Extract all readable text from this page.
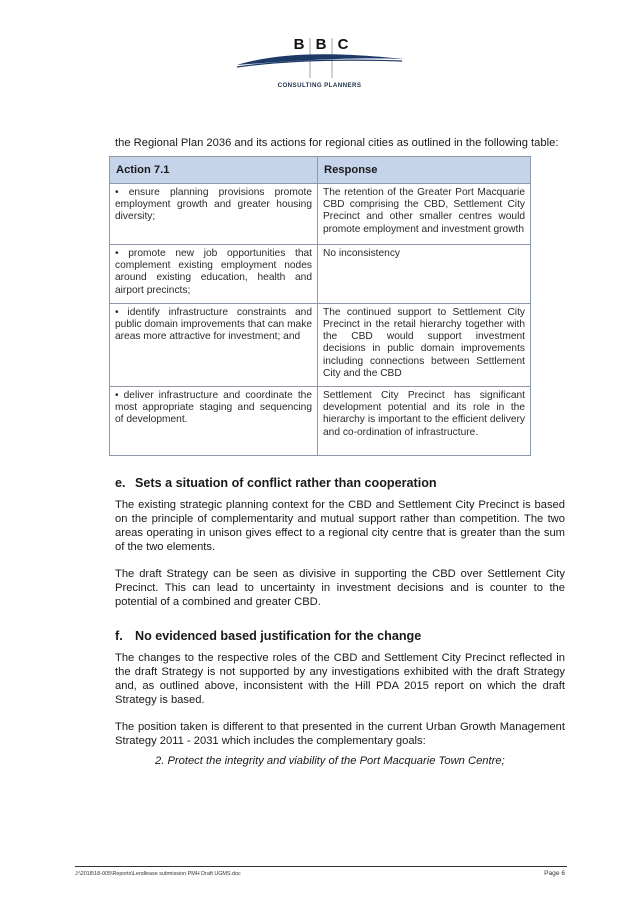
B B C
CONSULTING PLANNERS

the Regional Plan 2036 and its actions for regional cities as outlined in the following table:

Action 7.1	Response
• ensure planning provisions promote employment growth and greater housing diversity;	The retention of the Greater Port Macquarie CBD comprising the CBD, Settlement City Precinct and other smaller centres would promote employment and investment growth
• promote new job opportunities that complement existing employment nodes around existing education, health and airport precincts;	No inconsistency
• identify infrastructure constraints and public domain improvements that can make areas more attractive for investment; and	The continued support to Settlement City Precinct in the retail hierarchy together with the CBD would support investment decisions in public domain improvements including connections between Settlement City and the CBD
• deliver infrastructure and coordinate the most appropriate staging and sequencing of development.	Settlement City Precinct has significant development potential and its role in the hierarchy is important to the efficient delivery and co-ordination of infrastructure.
e. Sets a situation of conflict rather than cooperation

The existing strategic planning context for the CBD and Settlement City Precinct is based on the principle of complementarity and mutual support rather than competition. The two areas operating in unison gives effect to a regional city centre that is greater than the sum of the two elements.

The draft Strategy can be seen as divisive in supporting the CBD over Settlement City Precinct. This can lead to uncertainty in investment decisions and is counter to the potential of a combined and greater CBD.

f. No evidenced based justification for the change

The changes to the respective roles of the CBD and Settlement City Precinct reflected in the draft Strategy is not supported by any investigations exhibited with the draft Strategy and, as outlined above, inconsistent with the Hill PDA 2015 report on which the draft Strategy is based.

The position taken is different to that presented in the current Urban Growth Management Strategy 2011 - 2031 which includes the complementary goals:

2. Protect the integrity and viability of the Port Macquarie Town Centre;

J:\2018\18-005\Reports\Lendlease submission PMH Draft UGMS.doc	Page 6
